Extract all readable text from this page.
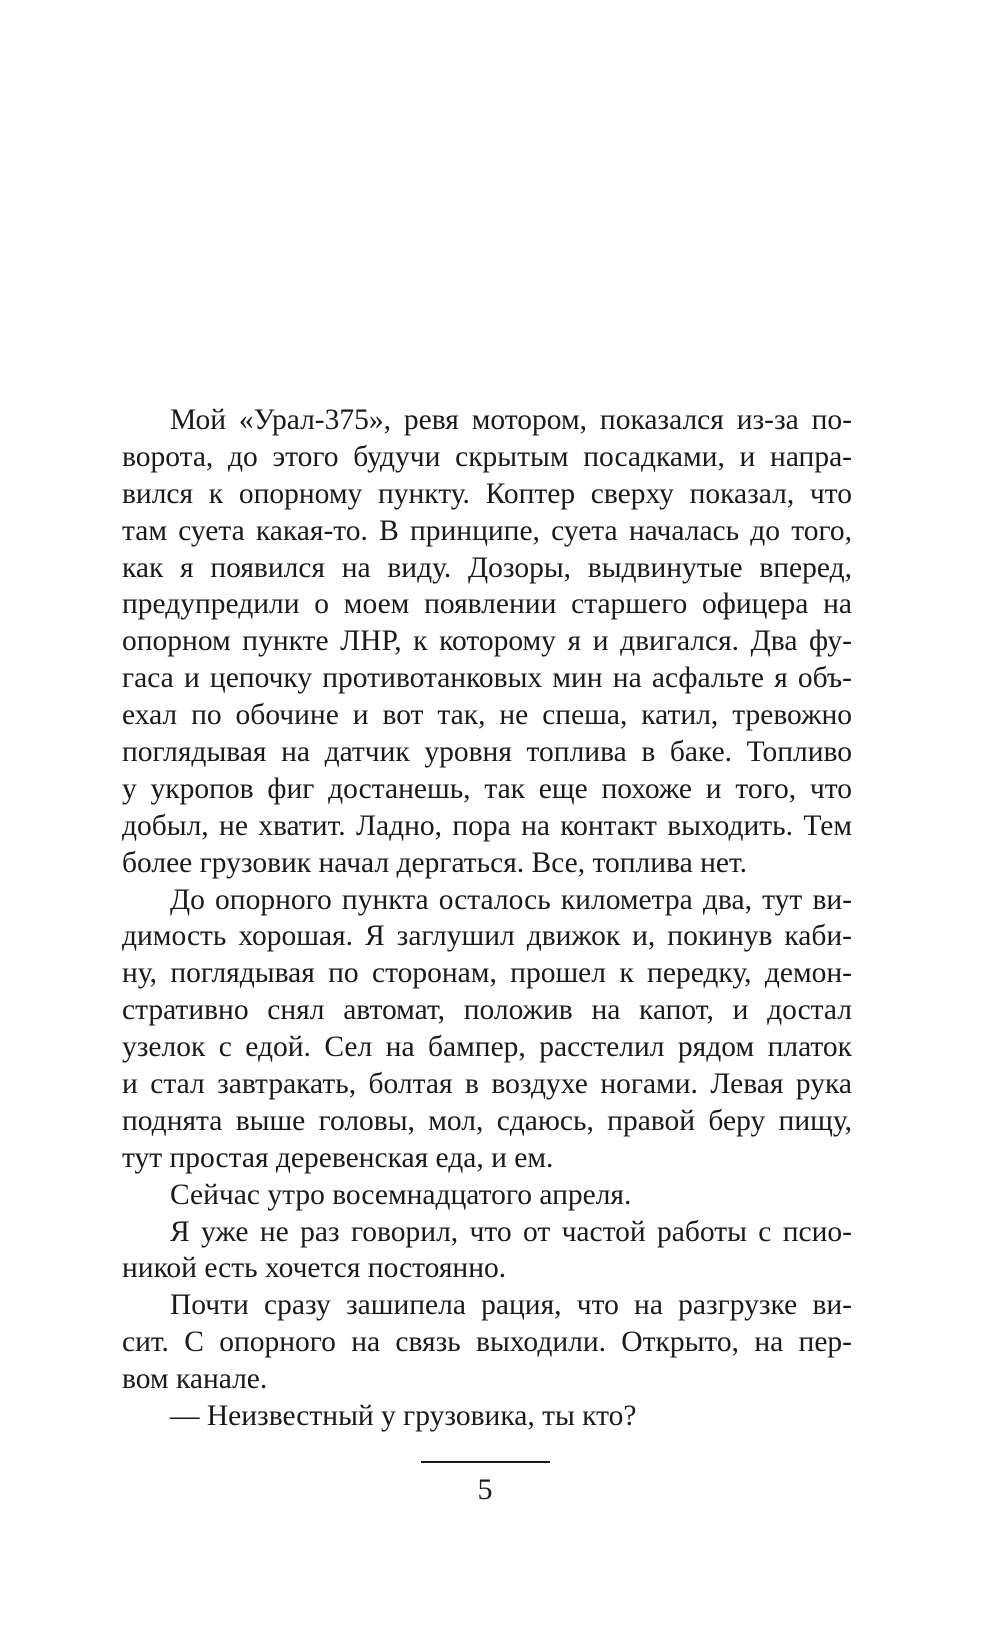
Мой «Урал-375», ревя мотором, показался из-за по-
ворота, до этого будучи скрытым посадками, и напра-
вился к опорному пункту. Коптер сверху показал, что
там суета какая-то. В принципе, суета началась до того,
как я появился на виду. Дозоры, выдвинутые вперед,
предупредили о моем появлении старшего офицера на
опорном пункте ЛНР, к которому я и двигался. Два фу-
гаса и цепочку противотанковых мин на асфальте я объ-
ехал по обочине и вот так, не спеша, катил, тревожно
поглядывая на датчик уровня топлива в баке. Топливо
у укропов фиг достанешь, так еще похоже и того, что
добыл, не хватит. Ладно, пора на контакт выходить. Тем
более грузовик начал дергаться. Все, топлива нет.
До опорного пункта осталось километра два, тут ви-
димость хорошая. Я заглушил движок и, покинув каби-
ну, поглядывая по сторонам, прошел к передку, демон-
стративно снял автомат, положив на капот, и достал
узелок с едой. Сел на бампер, расстелил рядом платок
и стал завтракать, болтая в воздухе ногами. Левая рука
поднята выше головы, мол, сдаюсь, правой беру пищу,
тут простая деревенская еда, и ем.
Сейчас утро восемнадцатого апреля.
Я уже не раз говорил, что от частой работы с псио-
никой есть хочется постоянно.
Почти сразу зашипела рация, что на разгрузке ви-
сит. С опорного на связь выходили. Открыто, на пер-
вом канале.
— Неизвестный у грузовика, ты кто?
5
